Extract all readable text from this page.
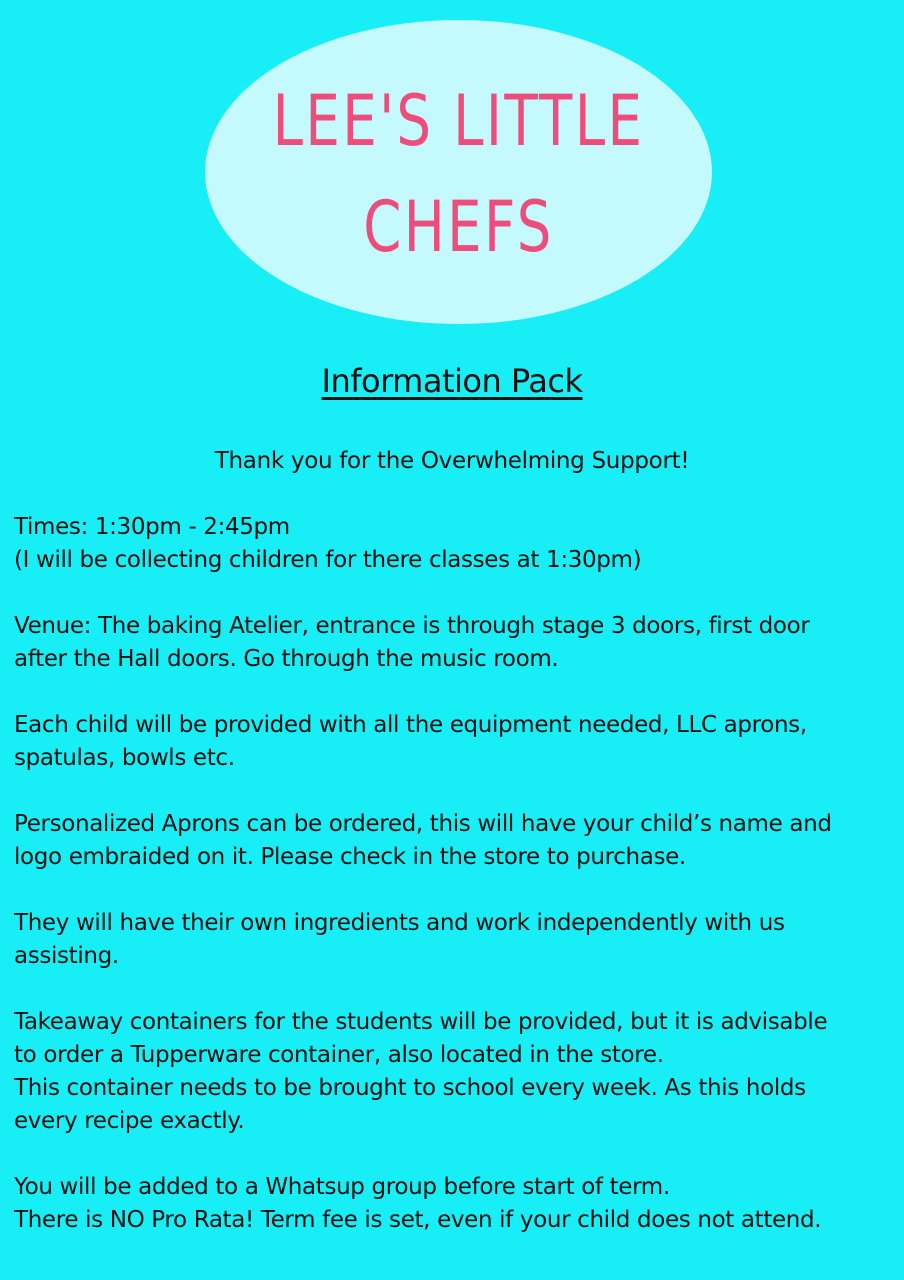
LEE'S LITTLE
CHEFS
Information Pack
Thank you for the Overwhelming Support!

Times: 1:30pm - 2:45pm
(I will be collecting children for there classes at 1:30pm)

Venue: The baking Atelier, entrance is through stage 3 doors, first door
after the Hall doors. Go through the music room.

Each child will be provided with all the equipment needed, LLC aprons,
spatulas, bowls etc.

Personalized Aprons can be ordered, this will have your child’s name and
logo embraided on it. Please check in the store to purchase.

They will have their own ingredients and work independently with us
assisting.

Takeaway containers for the students will be provided, but it is advisable
to order a Tupperware container, also located in the store.
This container needs to be brought to school every week. As this holds
every recipe exactly.

You will be added to a Whatsup group before start of term.
There is NO Pro Rata! Term fee is set, even if your child does not attend.
